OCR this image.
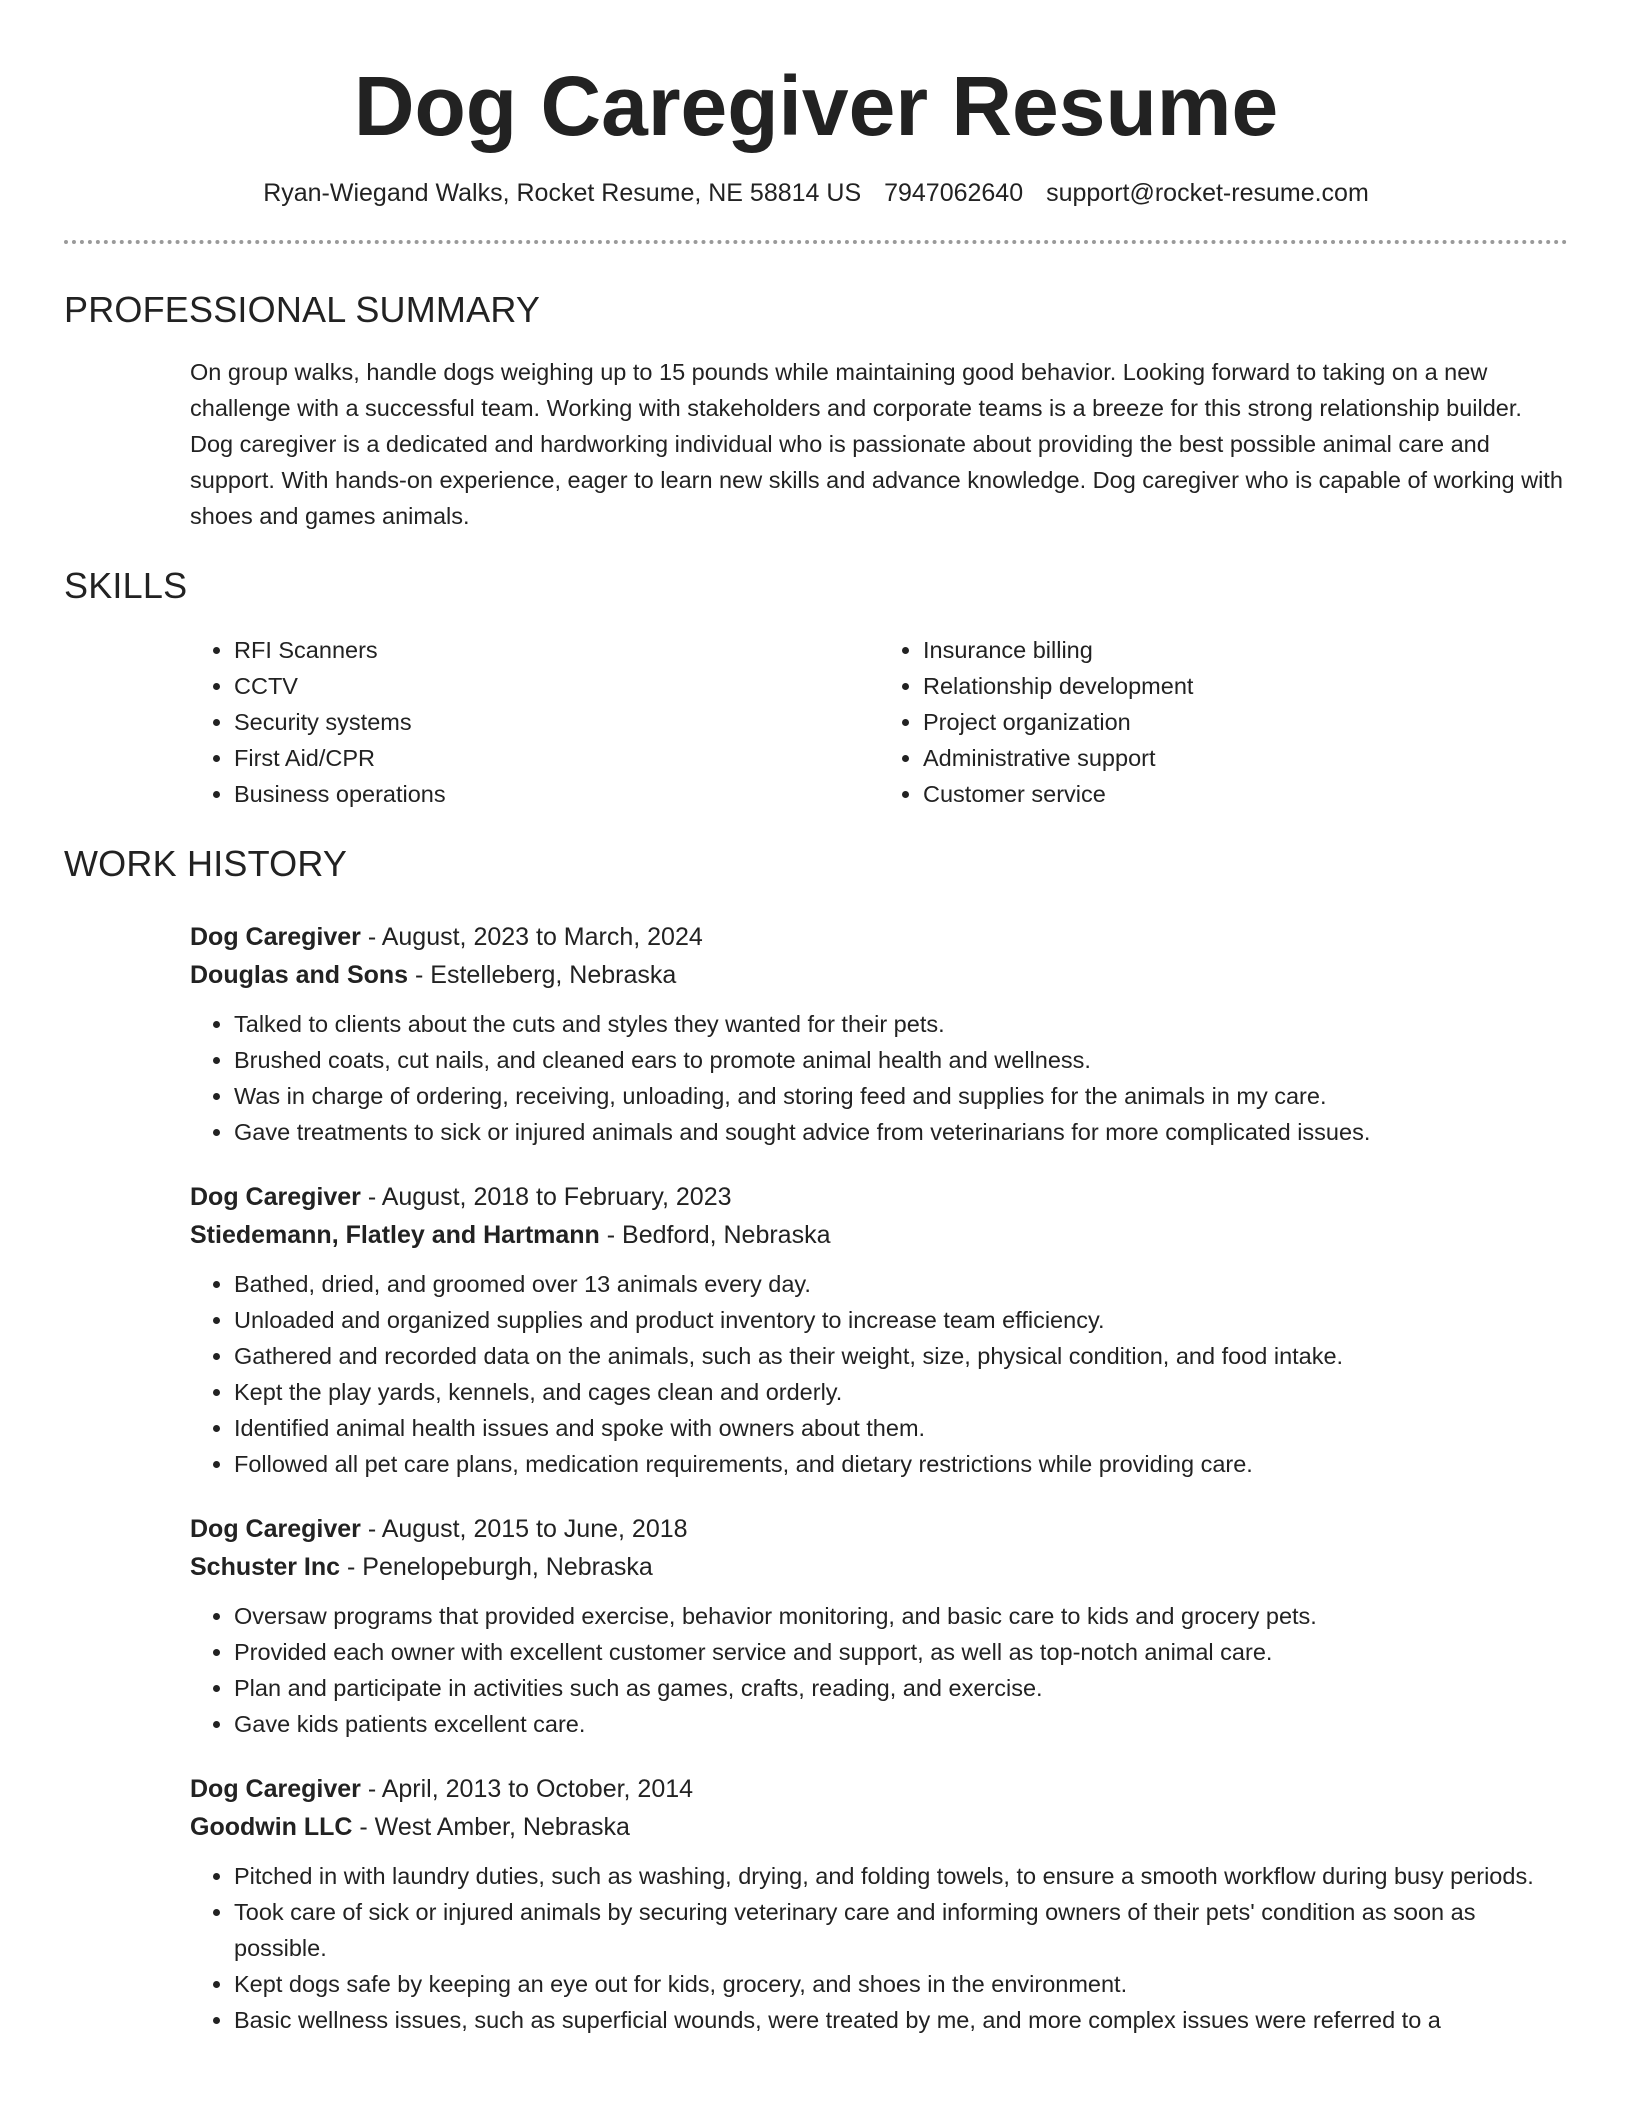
Dog Caregiver Resume
Ryan-Wiegand Walks, Rocket Resume, NE 58814 US 7947062640 support@rocket-resume.com
PROFESSIONAL SUMMARY

On group walks, handle dogs weighing up to 15 pounds while maintaining good behavior. Looking forward to taking on a new challenge with a successful team. Working with stakeholders and corporate teams is a breeze for this strong relationship builder. Dog caregiver is a dedicated and hardworking individual who is passionate about providing the best possible animal care and support. With hands-on experience, eager to learn new skills and advance knowledge. Dog caregiver who is capable of working with shoes and games animals.

SKILLS
• RFI Scanners
• CCTV
• Security systems
• First Aid/CPR
• Business operations
• Insurance billing
• Relationship development
• Project organization
• Administrative support
• Customer service
WORK HISTORY
Dog Caregiver - August, 2023 to March, 2024
Douglas and Sons - Estelleberg, Nebraska
• Talked to clients about the cuts and styles they wanted for their pets.
• Brushed coats, cut nails, and cleaned ears to promote animal health and wellness.
• Was in charge of ordering, receiving, unloading, and storing feed and supplies for the animals in my care.
• Gave treatments to sick or injured animals and sought advice from veterinarians for more complicated issues.
Dog Caregiver - August, 2018 to February, 2023
Stiedemann, Flatley and Hartmann - Bedford, Nebraska
• Bathed, dried, and groomed over 13 animals every day.
• Unloaded and organized supplies and product inventory to increase team efficiency.
• Gathered and recorded data on the animals, such as their weight, size, physical condition, and food intake.
• Kept the play yards, kennels, and cages clean and orderly.
• Identified animal health issues and spoke with owners about them.
• Followed all pet care plans, medication requirements, and dietary restrictions while providing care.
Dog Caregiver - August, 2015 to June, 2018
Schuster Inc - Penelopeburgh, Nebraska
• Oversaw programs that provided exercise, behavior monitoring, and basic care to kids and grocery pets.
• Provided each owner with excellent customer service and support, as well as top-notch animal care.
• Plan and participate in activities such as games, crafts, reading, and exercise.
• Gave kids patients excellent care.
Dog Caregiver - April, 2013 to October, 2014
Goodwin LLC - West Amber, Nebraska
• Pitched in with laundry duties, such as washing, drying, and folding towels, to ensure a smooth workflow during busy periods.
• Took care of sick or injured animals by securing veterinary care and informing owners of their pets' condition as soon as possible.
• Kept dogs safe by keeping an eye out for kids, grocery, and shoes in the environment.
• Basic wellness issues, such as superficial wounds, were treated by me, and more complex issues were referred to a
